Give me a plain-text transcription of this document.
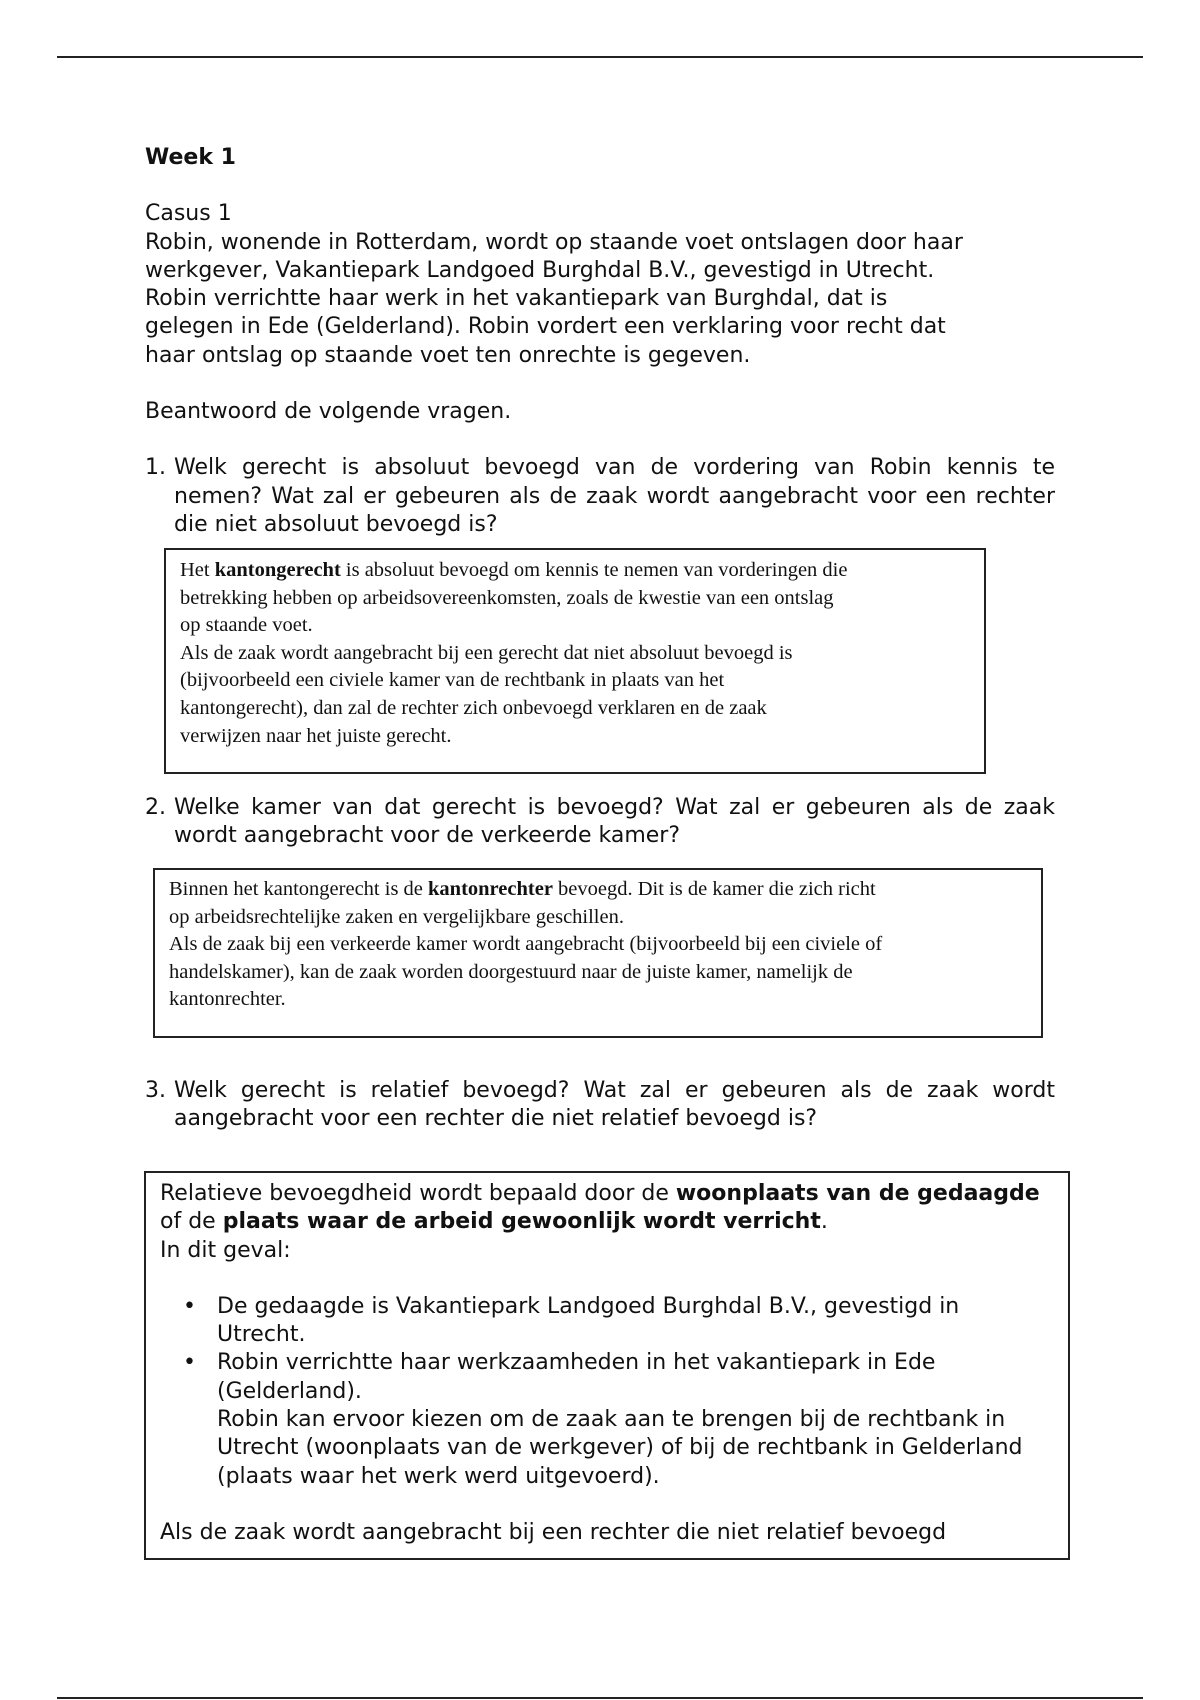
Week 1

Casus 1

Robin, wonende in Rotterdam, wordt op staande voet ontslagen door haar

werkgever, Vakantiepark Landgoed Burghdal B.V., gevestigd in Utrecht.

Robin verrichtte haar werk in het vakantiepark van Burghdal, dat is

gelegen in Ede (Gelderland). Robin vordert een verklaring voor recht dat

haar ontslag op staande voet ten onrechte is gegeven.

Beantwoord de volgende vragen.

1. Welk gerecht is absoluut bevoegd van de vordering van Robin kennis te nemen? Wat zal er gebeuren als de zaak wordt aangebracht voor een rechter die niet absoluut bevoegd is?
Het kantongerecht is absoluut bevoegd om kennis te nemen van vorderingen die
betrekking hebben op arbeidsovereenkomsten, zoals de kwestie van een ontslag
op staande voet.
Als de zaak wordt aangebracht bij een gerecht dat niet absoluut bevoegd is
(bijvoorbeeld een civiele kamer van de rechtbank in plaats van het
kantongerecht), dan zal de rechter zich onbevoegd verklaren en de zaak
verwijzen naar het juiste gerecht.
2. Welke kamer van dat gerecht is bevoegd? Wat zal er gebeuren als de zaak wordt aangebracht voor de verkeerde kamer?
Binnen het kantongerecht is de kantonrechter bevoegd. Dit is de kamer die zich richt
op arbeidsrechtelijke zaken en vergelijkbare geschillen.
Als de zaak bij een verkeerde kamer wordt aangebracht (bijvoorbeeld bij een civiele of
handelskamer), kan de zaak worden doorgestuurd naar de juiste kamer, namelijk de
kantonrechter.
3. Welk gerecht is relatief bevoegd? Wat zal er gebeuren als de zaak wordt aangebracht voor een rechter die niet relatief bevoegd is?

Relatieve bevoegdheid wordt bepaald door de woonplaats van de gedaagde of de plaats waar de arbeid gewoonlijk wordt verricht.

In dit geval:

• De gedaagde is Vakantiepark Landgoed Burghdal B.V., gevestigd in Utrecht.
• Robin verrichtte haar werkzaamheden in het vakantiepark in Ede (Gelderland).
Robin kan ervoor kiezen om de zaak aan te brengen bij de rechtbank in Utrecht (woonplaats van de werkgever) of bij de rechtbank in Gelderland (plaats waar het werk werd uitgevoerd).

Als de zaak wordt aangebracht bij een rechter die niet relatief bevoegd
